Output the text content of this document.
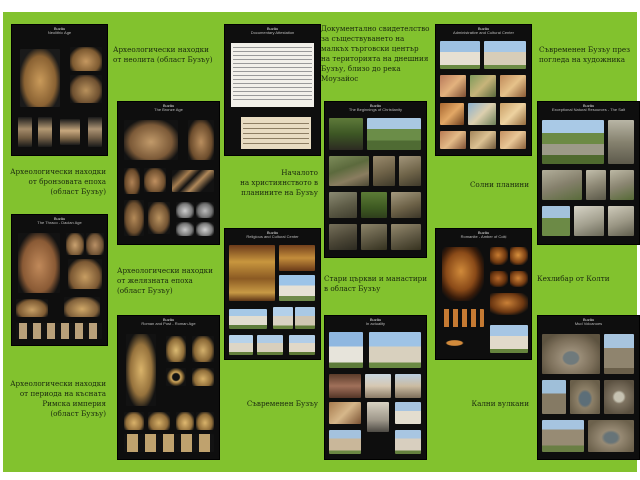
Buzău
Neolithic Age
Археологически находки
от неолита (област Бузъу)
Археологически находки
от бронзовата епоха
(област Бузъу)
Buzău
The Thraco - Dacian Age
Археологически находки
от периода на късната
Римска империя
(област Бузъу)
Buzău
The Bronze Age
Археологически находки
от желязната епоха
(област Бузъу)
Buzău
Roman and Post - Roman Age
Buzău
Documentary Attestation
Началото
на християнството в
планините на Бузъу
Buzău
Religious and Cultural Center
Съвременен Бузъу
Документално свидетелство
за съществуването на
малкъх търговски център
на територията на днешния
Бузъу, близо до река
Моузайос
Buzău
The Beginnings of Christianity
Стари църкви и манастири
в област Бузъу
Buzău
In actuality
Buzău
Administrative and Cultural Center
Солни планини
Buzău
Romanite - Amber of Colți
Кални вулкани
Съвременен Бузъу през
погледа на художника
Buzău
Exceptional Natural Resources - The Salt
Кехлибар от Колти
Buzău
Mud Volcanoes
